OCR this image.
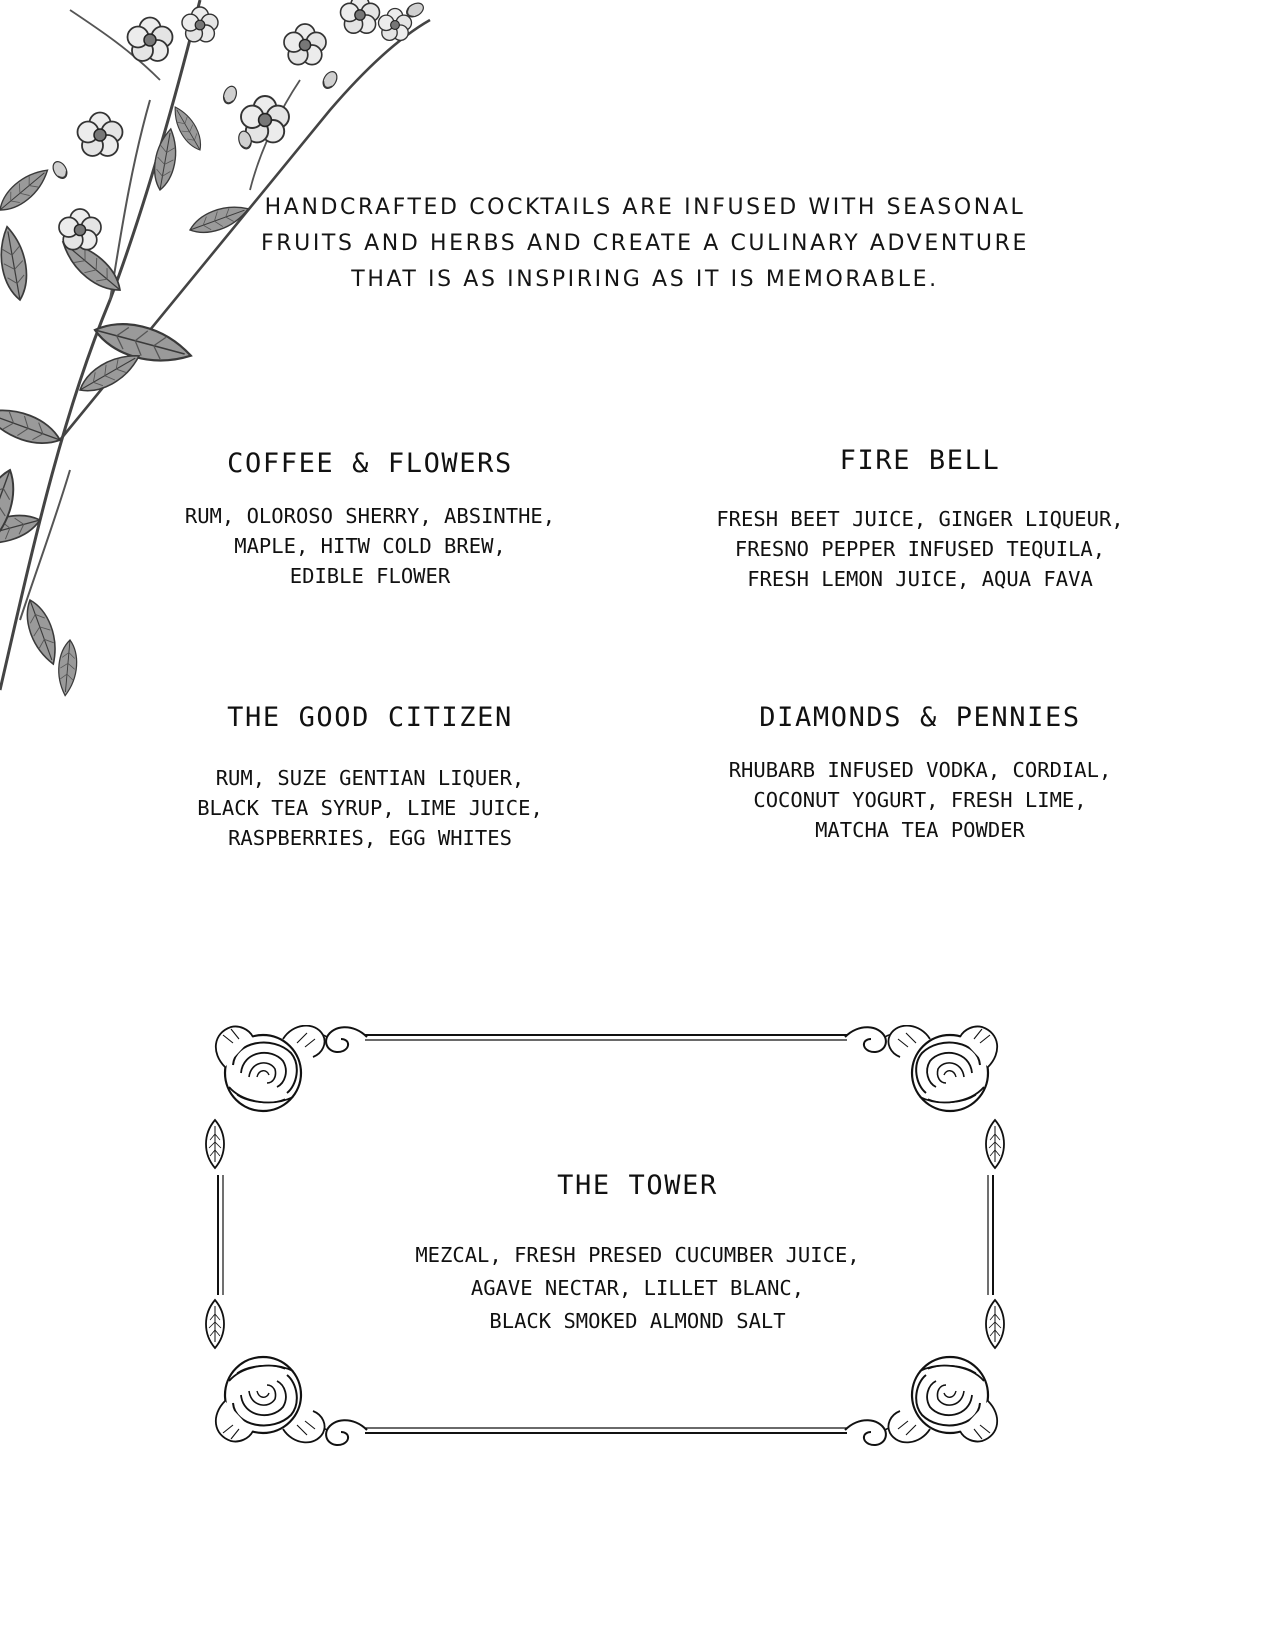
HANDCRAFTED COCKTAILS ARE INFUSED WITH SEASONAL
FRUITS AND HERBS AND CREATE A CULINARY ADVENTURE
THAT IS AS INSPIRING AS IT IS MEMORABLE.
COFFEE & FLOWERS
RUM, OLOROSO SHERRY, ABSINTHE,
MAPLE, HITW COLD BREW,
EDIBLE FLOWER
FIRE BELL
FRESH BEET JUICE, GINGER LIQUEUR,
FRESNO PEPPER INFUSED TEQUILA,
FRESH LEMON JUICE, AQUA FAVA
THE GOOD CITIZEN
RUM, SUZE GENTIAN LIQUER,
BLACK TEA SYRUP, LIME JUICE,
RASPBERRIES, EGG WHITES
DIAMONDS & PENNIES
RHUBARB INFUSED VODKA, CORDIAL,
COCONUT YOGURT, FRESH LIME,
MATCHA TEA POWDER
THE TOWER
MEZCAL, FRESH PRESED CUCUMBER JUICE,
AGAVE NECTAR, LILLET BLANC,
BLACK SMOKED ALMOND SALT
